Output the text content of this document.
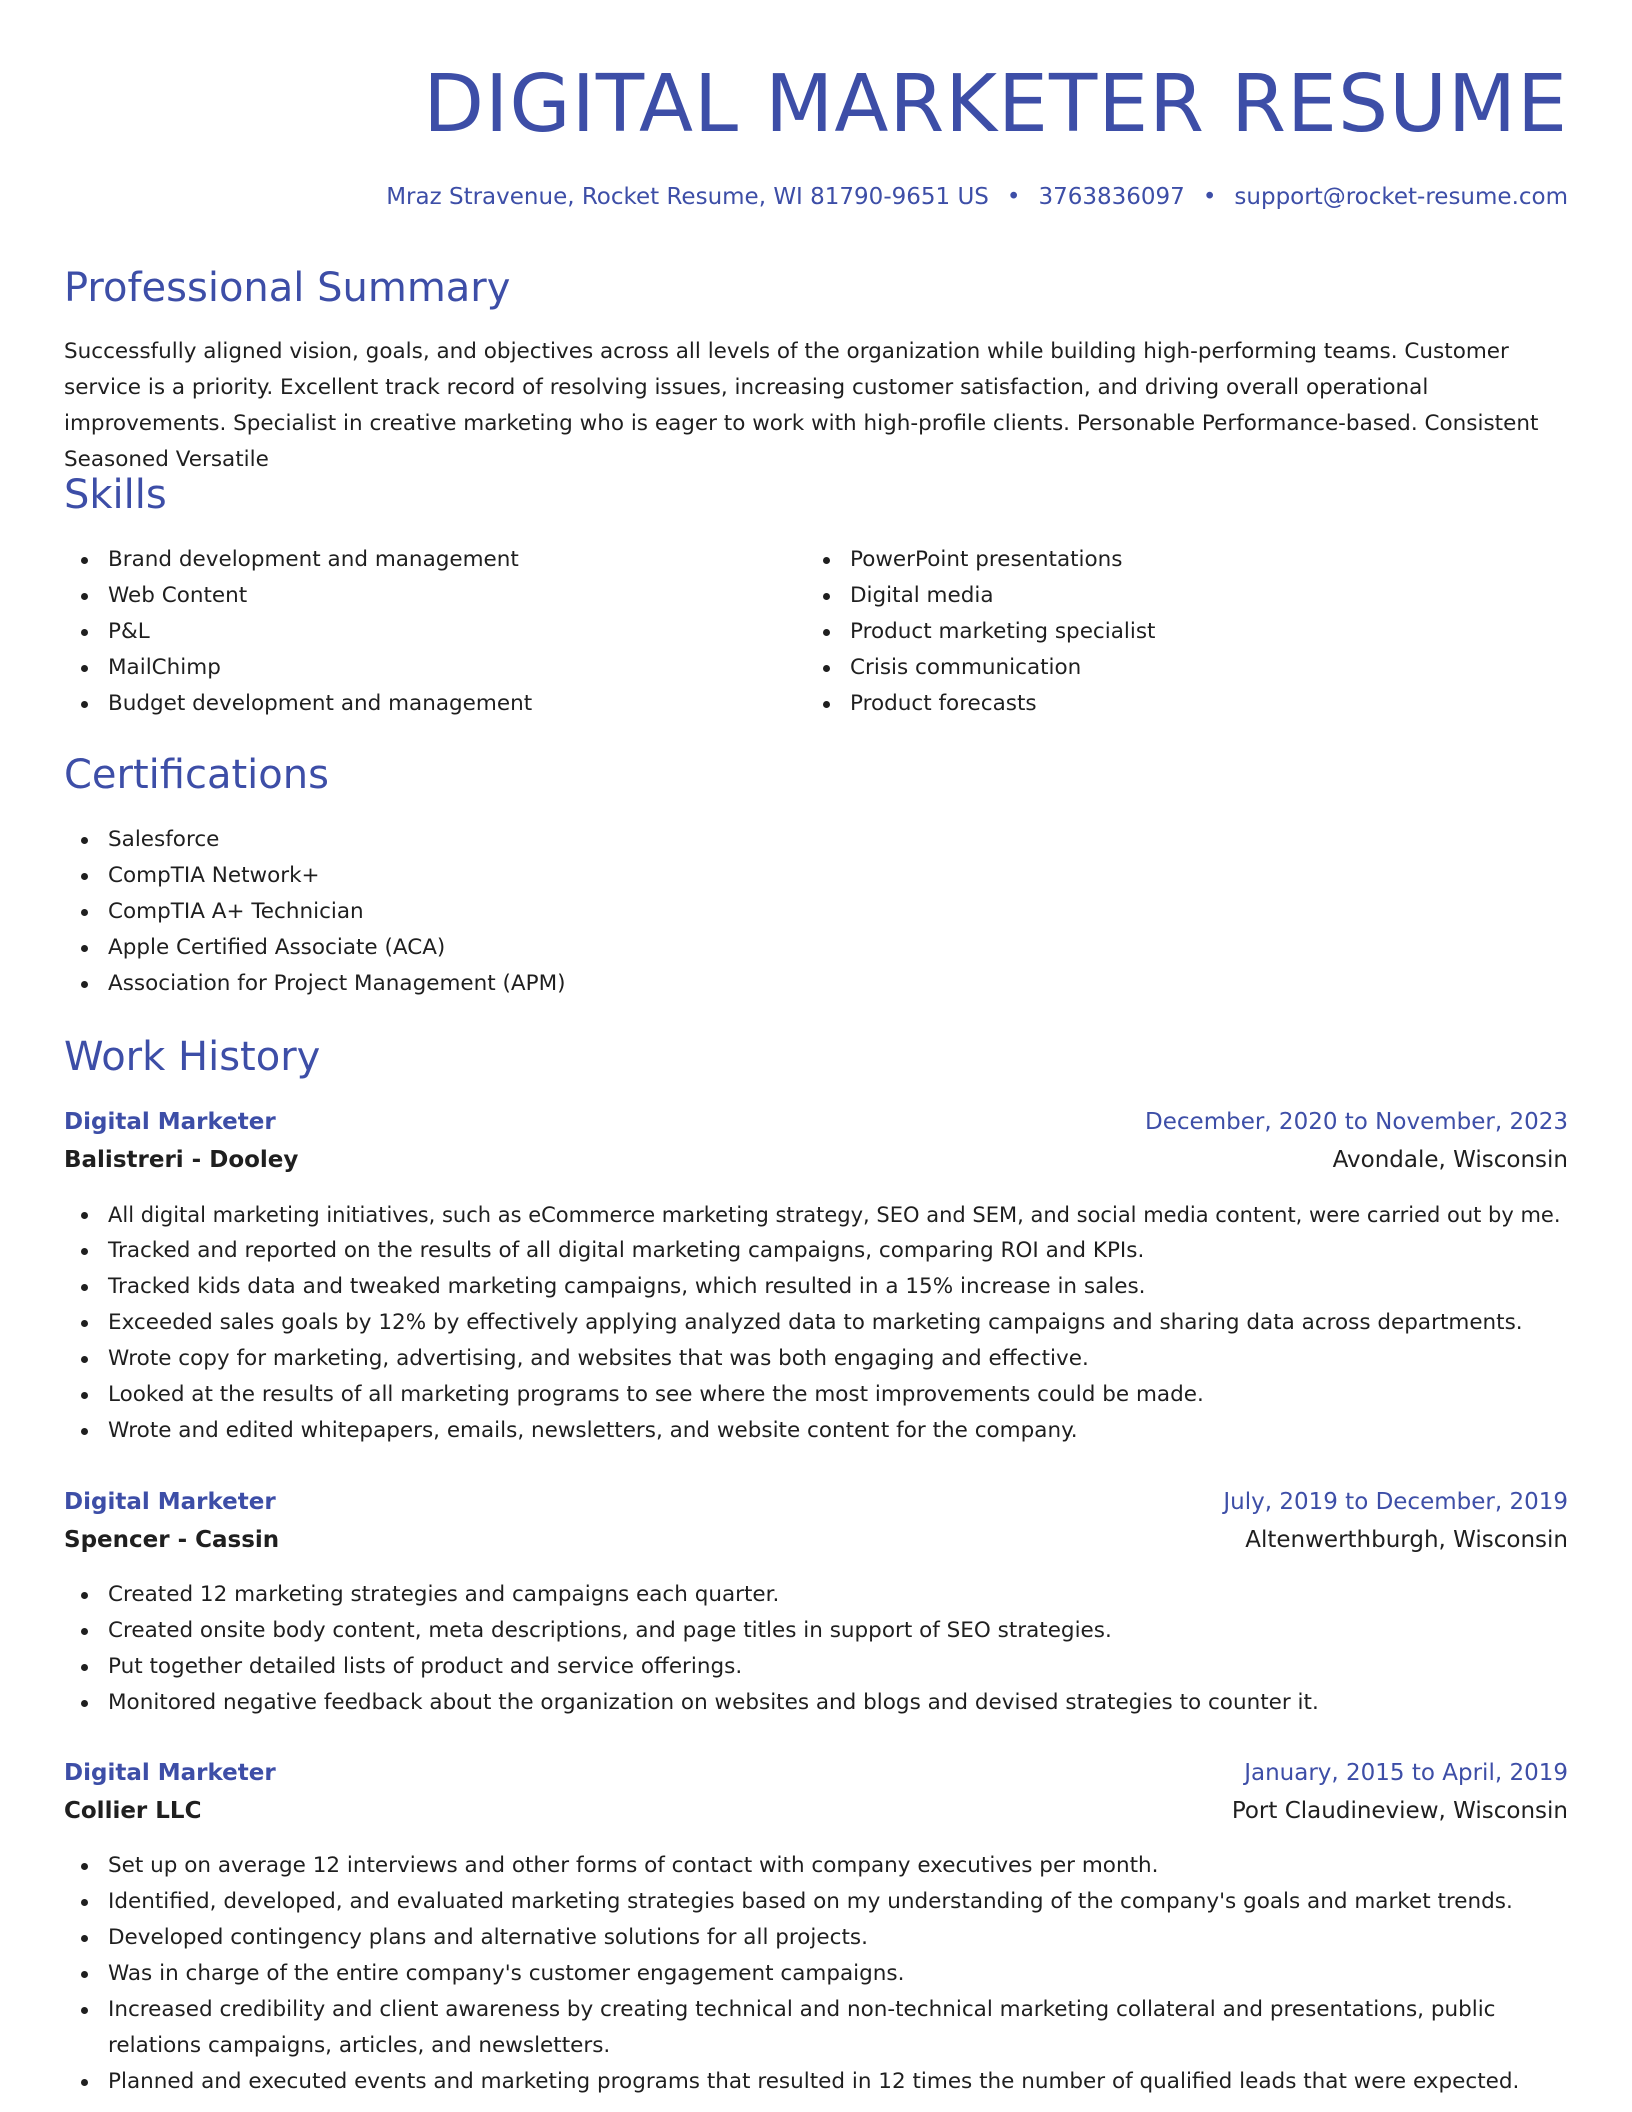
DIGITAL MARKETER RESUME
Mraz Stravenue, Rocket Resume, WI 81790-9651 US • 3763836097 • support@rocket-resume.com
Professional Summary
Successfully aligned vision, goals, and objectives across all levels of the organization while building high-performing teams. Customer service is a priority. Excellent track record of resolving issues, increasing customer satisfaction, and driving overall operational improvements. Specialist in creative marketing who is eager to work with high-profile clients. Personable Performance-based. Consistent Seasoned Versatile
Skills
Brand development and management
Web Content
P&L
MailChimp
Budget development and management
PowerPoint presentations
Digital media
Product marketing specialist
Crisis communication
Product forecasts
Certifications
Salesforce
CompTIA Network+
CompTIA A+ Technician
Apple Certified Associate (ACA)
Association for Project Management (APM)
Work History
Digital Marketer	December, 2020 to November, 2023
Balistreri - Dooley	Avondale, Wisconsin
All digital marketing initiatives, such as eCommerce marketing strategy, SEO and SEM, and social media content, were carried out by me.
Tracked and reported on the results of all digital marketing campaigns, comparing ROI and KPIs.
Tracked kids data and tweaked marketing campaigns, which resulted in a 15% increase in sales.
Exceeded sales goals by 12% by effectively applying analyzed data to marketing campaigns and sharing data across departments.
Wrote copy for marketing, advertising, and websites that was both engaging and effective.
Looked at the results of all marketing programs to see where the most improvements could be made.
Wrote and edited whitepapers, emails, newsletters, and website content for the company.
Digital Marketer	July, 2019 to December, 2019
Spencer - Cassin	Altenwerthburgh, Wisconsin
Created 12 marketing strategies and campaigns each quarter.
Created onsite body content, meta descriptions, and page titles in support of SEO strategies.
Put together detailed lists of product and service offerings.
Monitored negative feedback about the organization on websites and blogs and devised strategies to counter it.
Digital Marketer	January, 2015 to April, 2019
Collier LLC	Port Claudineview, Wisconsin
Set up on average 12 interviews and other forms of contact with company executives per month.
Identified, developed, and evaluated marketing strategies based on my understanding of the company's goals and market trends.
Developed contingency plans and alternative solutions for all projects.
Was in charge of the entire company's customer engagement campaigns.
Increased credibility and client awareness by creating technical and non-technical marketing collateral and presentations, public relations campaigns, articles, and newsletters.
Planned and executed events and marketing programs that resulted in 12 times the number of qualified leads that were expected.
